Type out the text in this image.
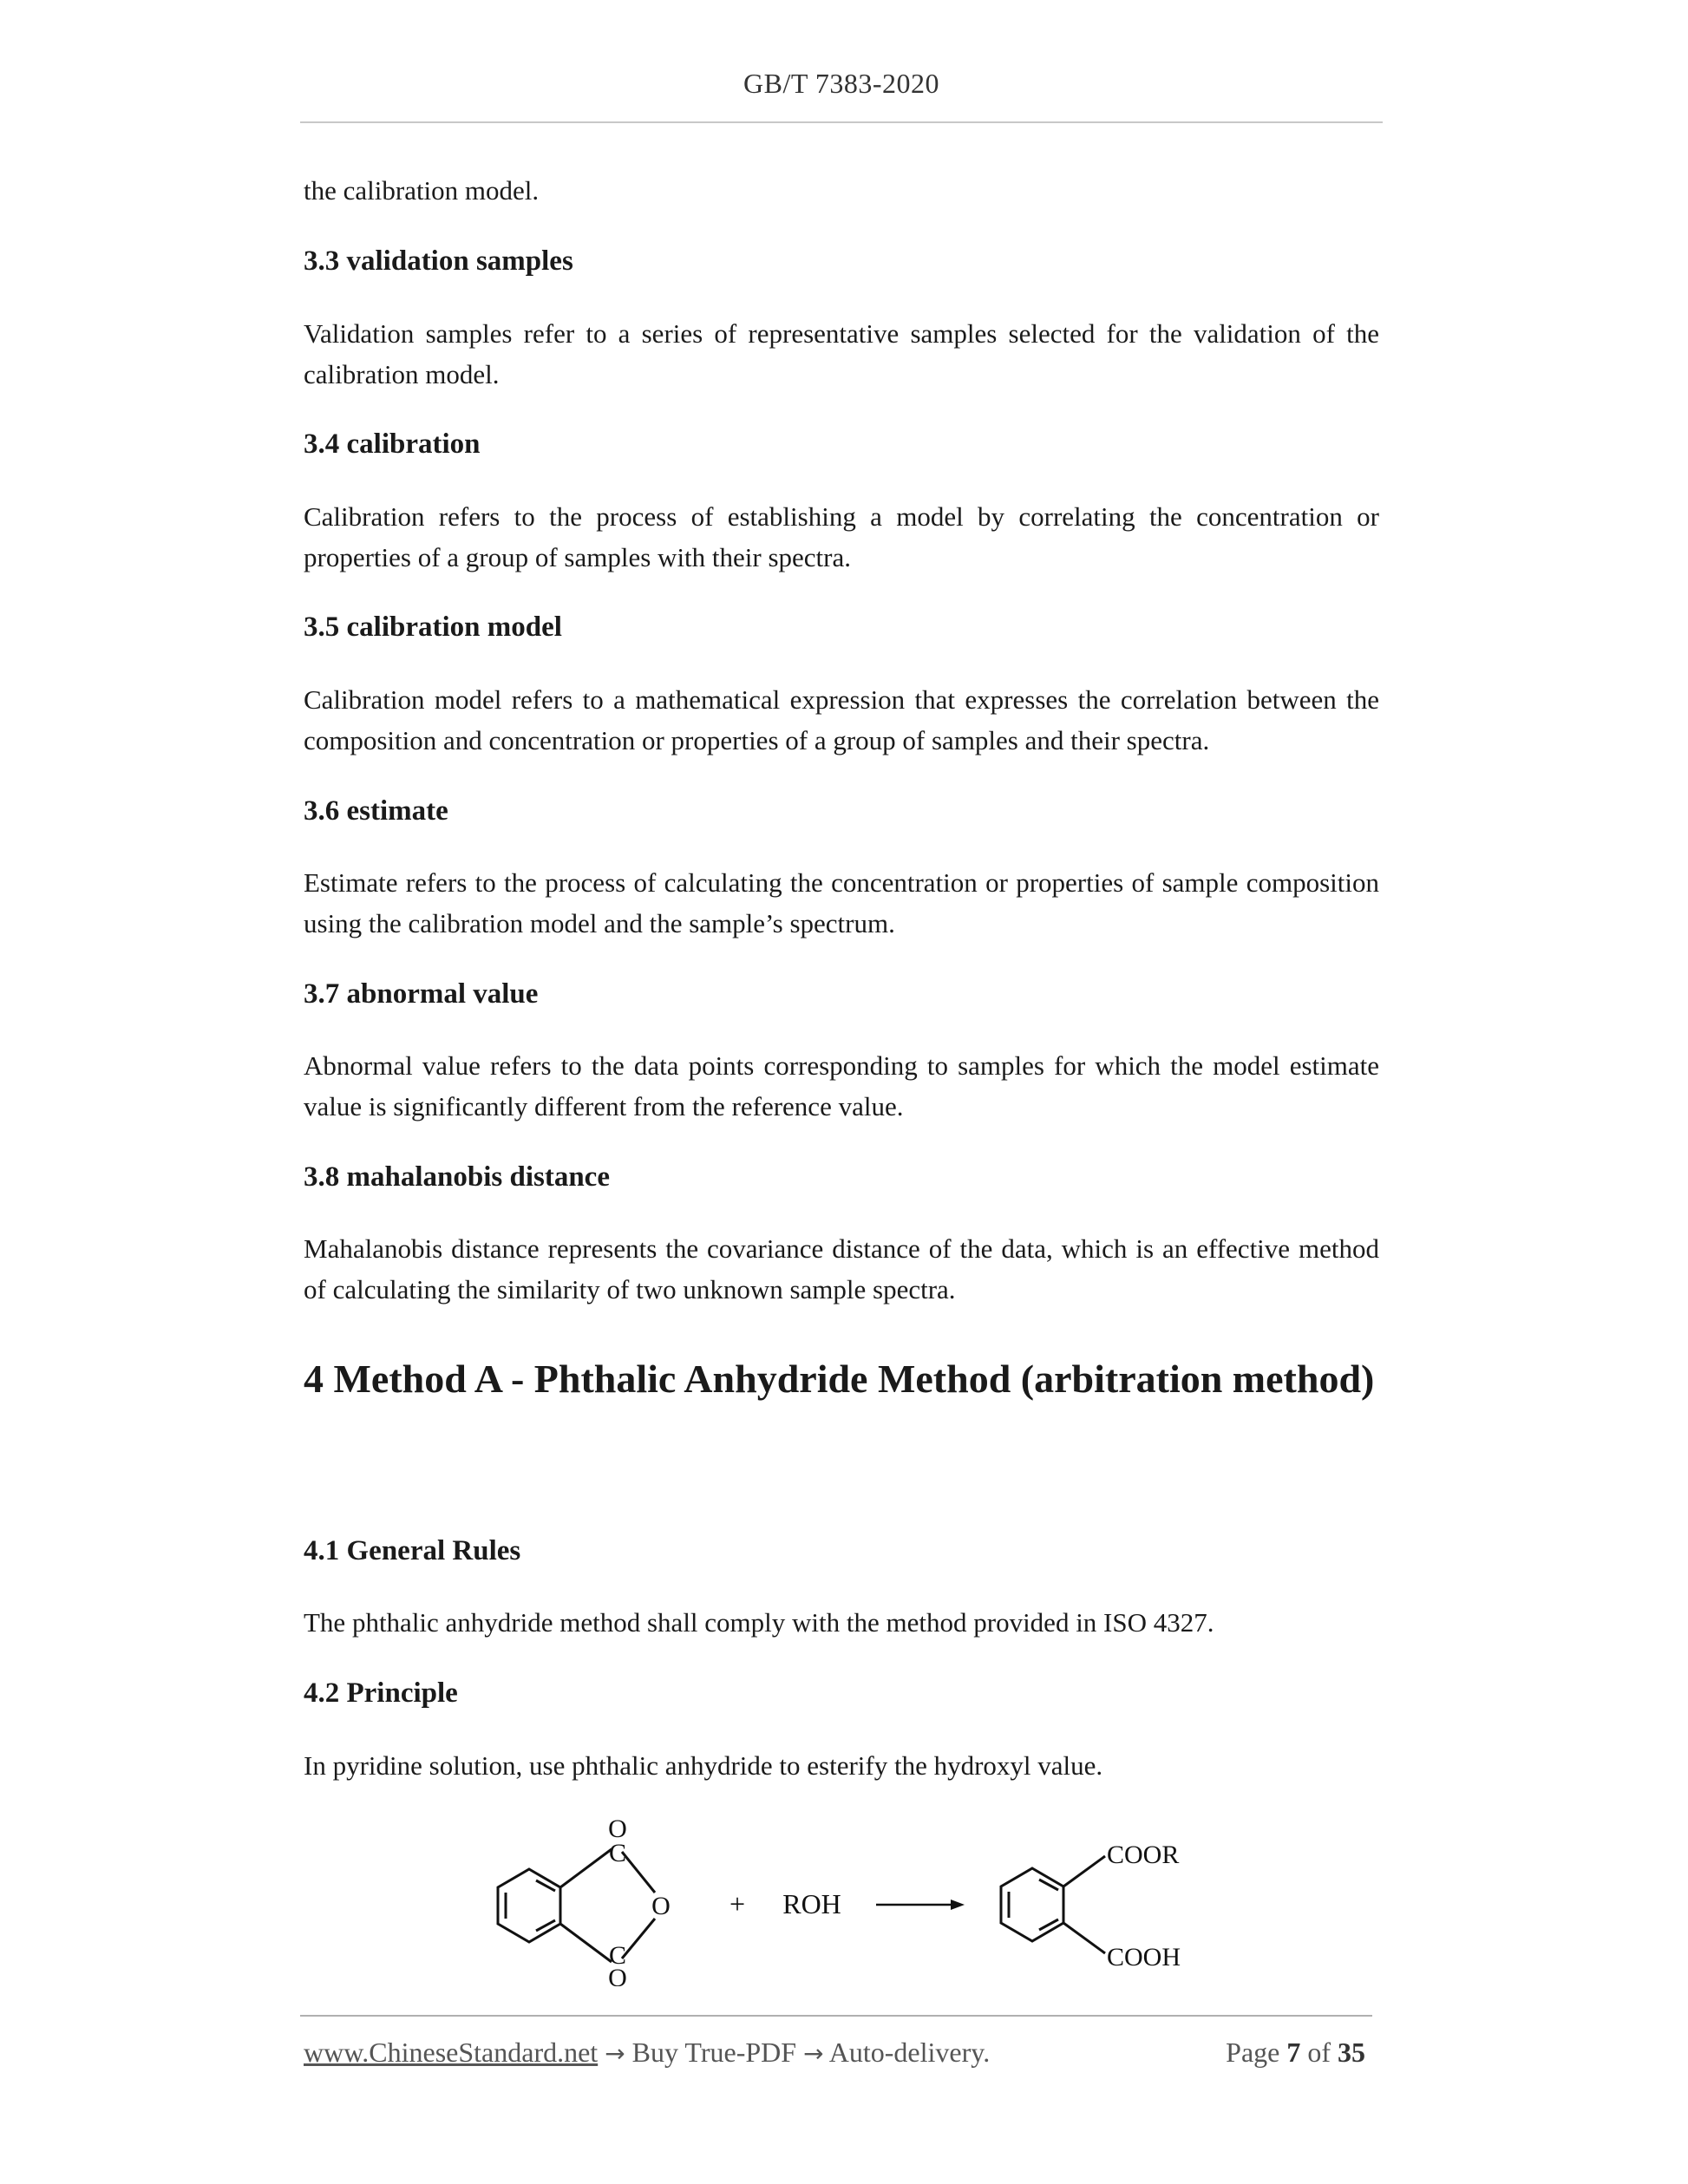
GB/T 7383-2020

the calibration model.

3.3 validation samples

Validation samples refer to a series of representative samples selected for the validation of the calibration model.

3.4 calibration

Calibration refers to the process of establishing a model by correlating the concentration or properties of a group of samples with their spectra.

3.5 calibration model

Calibration model refers to a mathematical expression that expresses the correlation between the composition and concentration or properties of a group of samples and their spectra.

3.6 estimate

Estimate refers to the process of calculating the concentration or properties of sample composition using the calibration model and the sample’s spectrum.

3.7 abnormal value

Abnormal value refers to the data points corresponding to samples for which the model estimate value is significantly different from the reference value.

3.8 mahalanobis distance

Mahalanobis distance represents the covariance distance of the data, which is an effective method of calculating the similarity of two unknown sample spectra.

4 Method A - Phthalic Anhydride Method (arbitration method)
4.1 General Rules

The phthalic anhydride method shall comply with the method provided in ISO 4327.

4.2 Principle

In pyridine solution, use phthalic anhydride to esterify the hydroxyl value.

O
C
O
C
O
+ ROH
COOR
COOH
www.ChineseStandard.net → Buy True-PDF → Auto-delivery.	Page 7 of 35
